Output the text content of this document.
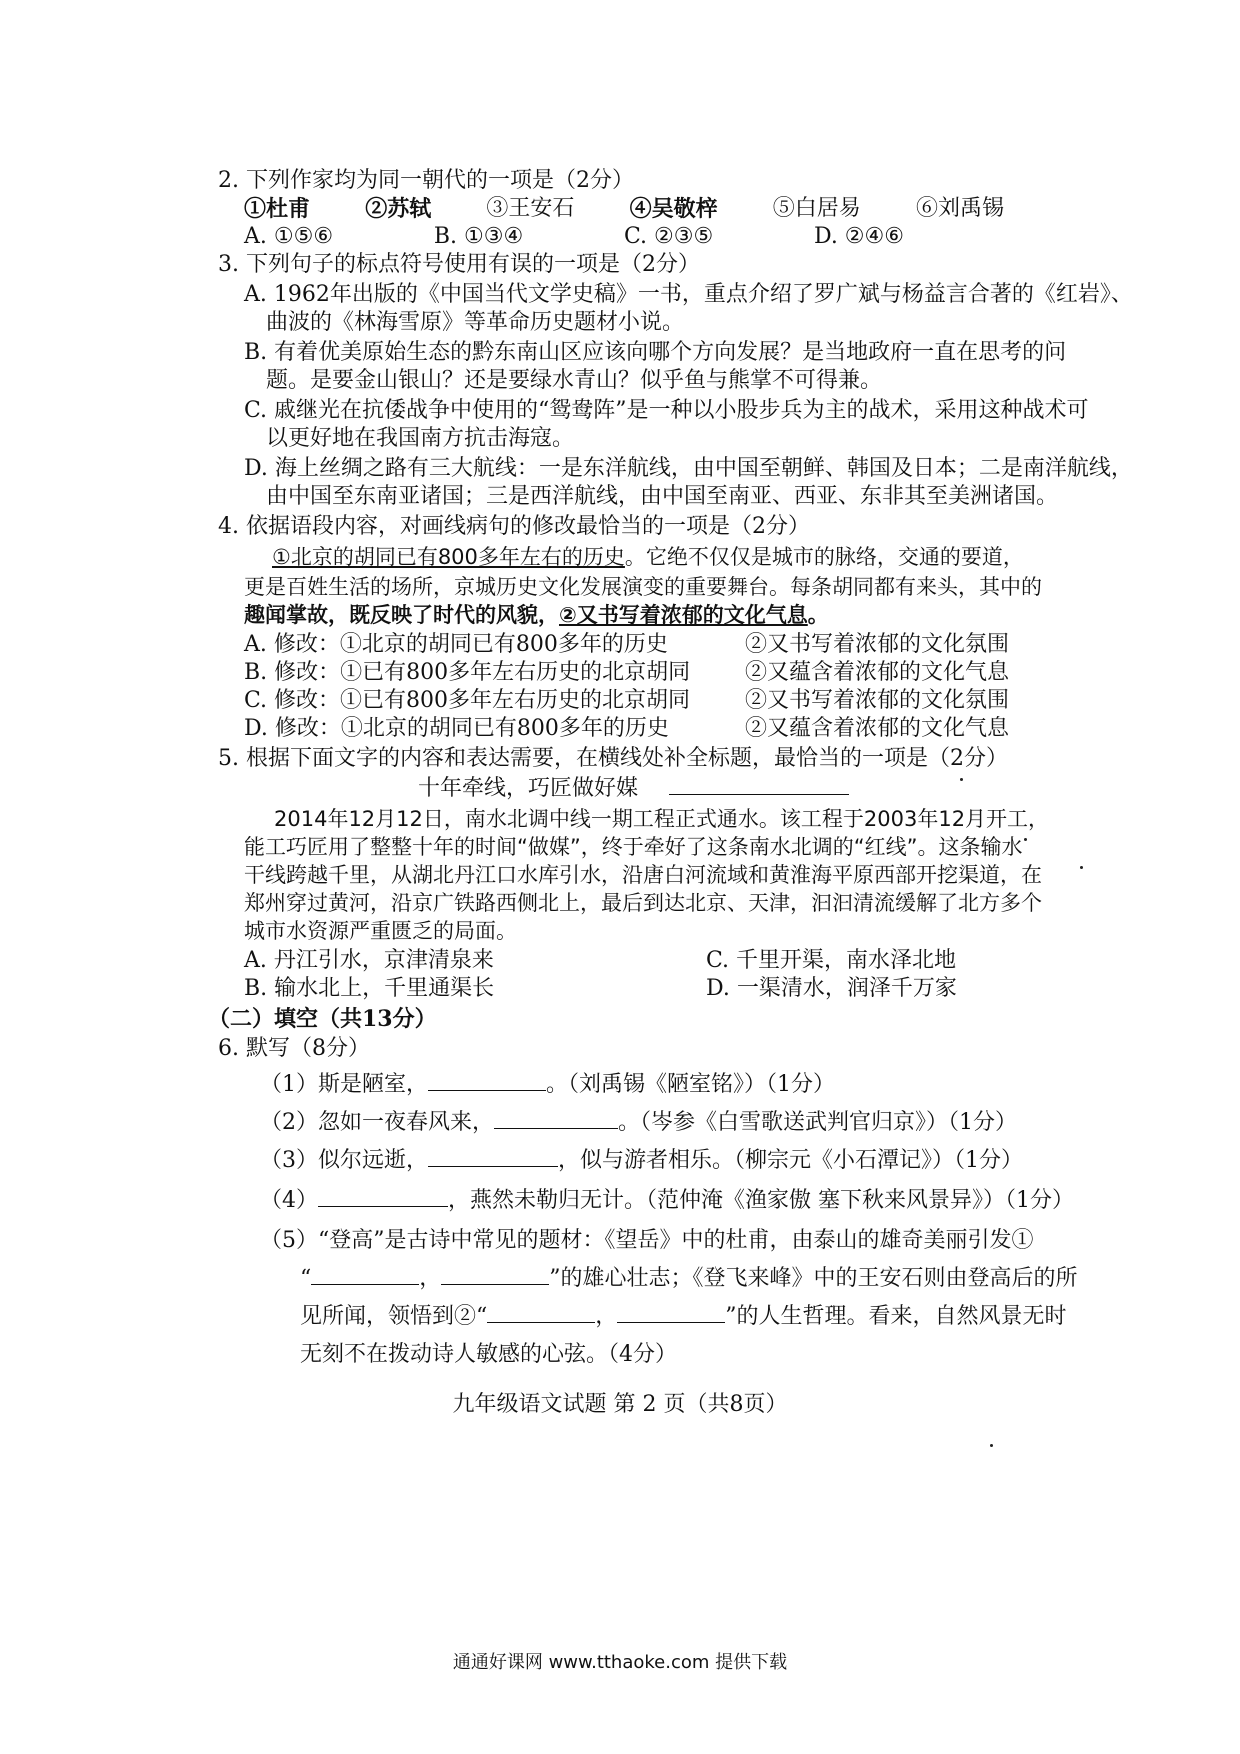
2. 下列作家均为同一朝代的一项是（2分）
①杜甫	②苏轼	③王安石	④吴敬梓	⑤白居易	⑥刘禹锡
A. ①⑤⑥	B. ①③④	C. ②③⑤	D. ②④⑥
3. 下列句子的标点符号使用有误的一项是（2分）
A. 1962年出版的《中国当代文学史稿》一书，重点介绍了罗广斌与杨益言合著的《红岩》、
曲波的《林海雪原》等革命历史题材小说。
B. 有着优美原始生态的黔东南山区应该向哪个方向发展？是当地政府一直在思考的问
题。是要金山银山？还是要绿水青山？似乎鱼与熊掌不可得兼。
C. 戚继光在抗倭战争中使用的“鸳鸯阵”是一种以小股步兵为主的战术，采用这种战术可
以更好地在我国南方抗击海寇。
D. 海上丝绸之路有三大航线：一是东洋航线，由中国至朝鲜、韩国及日本；二是南洋航线，
由中国至东南亚诸国；三是西洋航线，由中国至南亚、西亚、东非其至美洲诸国。
4. 依据语段内容，对画线病句的修改最恰当的一项是（2分）
①北京的胡同已有800多年左右的历史。它绝不仅仅是城市的脉络，交通的要道，
更是百姓生活的场所，京城历史文化发展演变的重要舞台。每条胡同都有来头，其中的
趣闻掌故，既反映了时代的风貌，②又书写着浓郁的文化气息。
A. 修改：①北京的胡同已有800多年的历史	②又书写着浓郁的文化氛围
B. 修改：①已有800多年左右历史的北京胡同 ②又蕴含着浓郁的文化气息
C. 修改：①已有800多年左右历史的北京胡同 ②又书写着浓郁的文化氛围
D. 修改：①北京的胡同已有800多年的历史	②又蕴含着浓郁的文化气息
5. 根据下面文字的内容和表达需要，在横线处补全标题，最恰当的一项是（2分）
十年牵线，巧匠做好媒
2014年12月12日，南水北调中线一期工程正式通水。该工程于2003年12月开工，
能工巧匠用了整整十年的时间“做媒”，终于牵好了这条南水北调的“红线”。这条输水
干线跨越千里，从湖北丹江口水库引水，沿唐白河流域和黄淮海平原西部开挖渠道，在
郑州穿过黄河，沿京广铁路西侧北上，最后到达北京、天津，汩汩清流缓解了北方多个
城市水资源严重匮乏的局面。
A. 丹江引水，京津清泉来	C. 千里开渠，南水泽北地
B. 输水北上，千里通渠长	D. 一渠清水，润泽千万家
（二）填空（共13分）
6. 默写（8分）
（1）斯是陋室，	。（刘禹锡《陋室铭》）（1分）
（2）忽如一夜春风来，	。（岑参《白雪歌送武判官归京》）（1分）
（3）似尔远逝，	，似与游者相乐。（柳宗元《小石潭记》）（1分）
（4）	，燕然未勒归无计。（范仲淹《渔家傲 塞下秋来风景异》）（1分）
（5）“登高”是古诗中常见的题材：《望岳》中的杜甫，由泰山的雄奇美丽引发①
“	，	”的雄心壮志；《登飞来峰》中的王安石则由登高后的所
见所闻，领悟到②“	，	”的人生哲理。看来，自然风景无时
无刻不在拨动诗人敏感的心弦。（4分）
九年级语文试题 第 2 页（共8页）
通通好课网 www.tthaoke.com 提供下载
